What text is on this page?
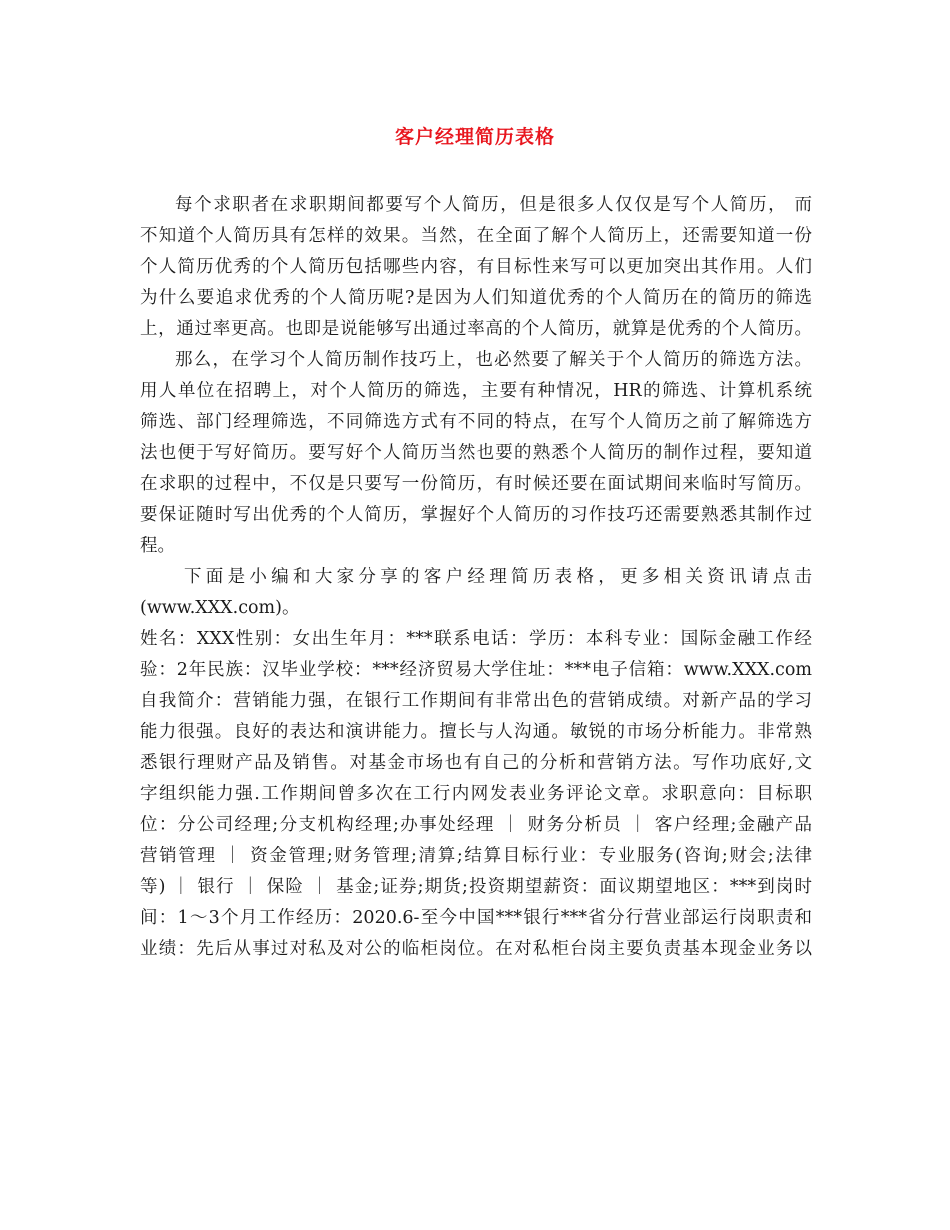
客户经理简历表格
每个求职者在求职期间都要写个人简历，但是很多人仅仅是写个人简历， 而
不知道个人简历具有怎样的效果。当然，在全面了解个人简历上，还需要知道一份
个人简历优秀的个人简历包括哪些内容，有目标性来写可以更加突出其作用。人们
为什么要追求优秀的个人简历呢?是因为人们知道优秀的个人简历在的简历的筛选
上，通过率更高。也即是说能够写出通过率高的个人简历，就算是优秀的个人简历。
那么，在学习个人简历制作技巧上，也必然要了解关于个人简历的筛选方法。
用人单位在招聘上，对个人简历的筛选，主要有种情况，HR的筛选、计算机系统
筛选、部门经理筛选，不同筛选方式有不同的特点，在写个人简历之前了解筛选方
法也便于写好简历。要写好个人简历当然也要的熟悉个人简历的制作过程，要知道
在求职的过程中，不仅是只要写一份简历，有时候还要在面试期间来临时写简历。
要保证随时写出优秀的个人简历，掌握好个人简历的习作技巧还需要熟悉其制作过
程。
下面是小编和大家分享的客户经理简历表格，更多相关资讯请点击
(www.XXX.com)。
姓名：XXX性别：女出生年月：***联系电话：学历：本科专业：国际金融工作经
验：2年民族：汉毕业学校：***经济贸易大学住址：***电子信箱：www.XXX.com
自我简介：营销能力强，在银行工作期间有非常出色的营销成绩。对新产品的学习
能力很强。良好的表达和演讲能力。擅长与人沟通。敏锐的市场分析能力。非常熟
悉银行理财产品及销售。对基金市场也有自己的分析和营销方法。写作功底好,文
字组织能力强.工作期间曾多次在工行内网发表业务评论文章。求职意向：目标职
位：分公司经理;分支机构经理;办事处经理 ｜ 财务分析员 ｜ 客户经理;金融产品
营销管理 ｜ 资金管理;财务管理;清算;结算目标行业：专业服务(咨询;财会;法律
等) ｜ 银行 ｜ 保险 ｜ 基金;证券;期货;投资期望薪资：面议期望地区：***到岗时
间：1～3个月工作经历：2020.6-至今中国***银行***省分行营业部运行岗职责和
业绩：先后从事过对私及对公的临柜岗位。在对私柜台岗主要负责基本现金业务以
